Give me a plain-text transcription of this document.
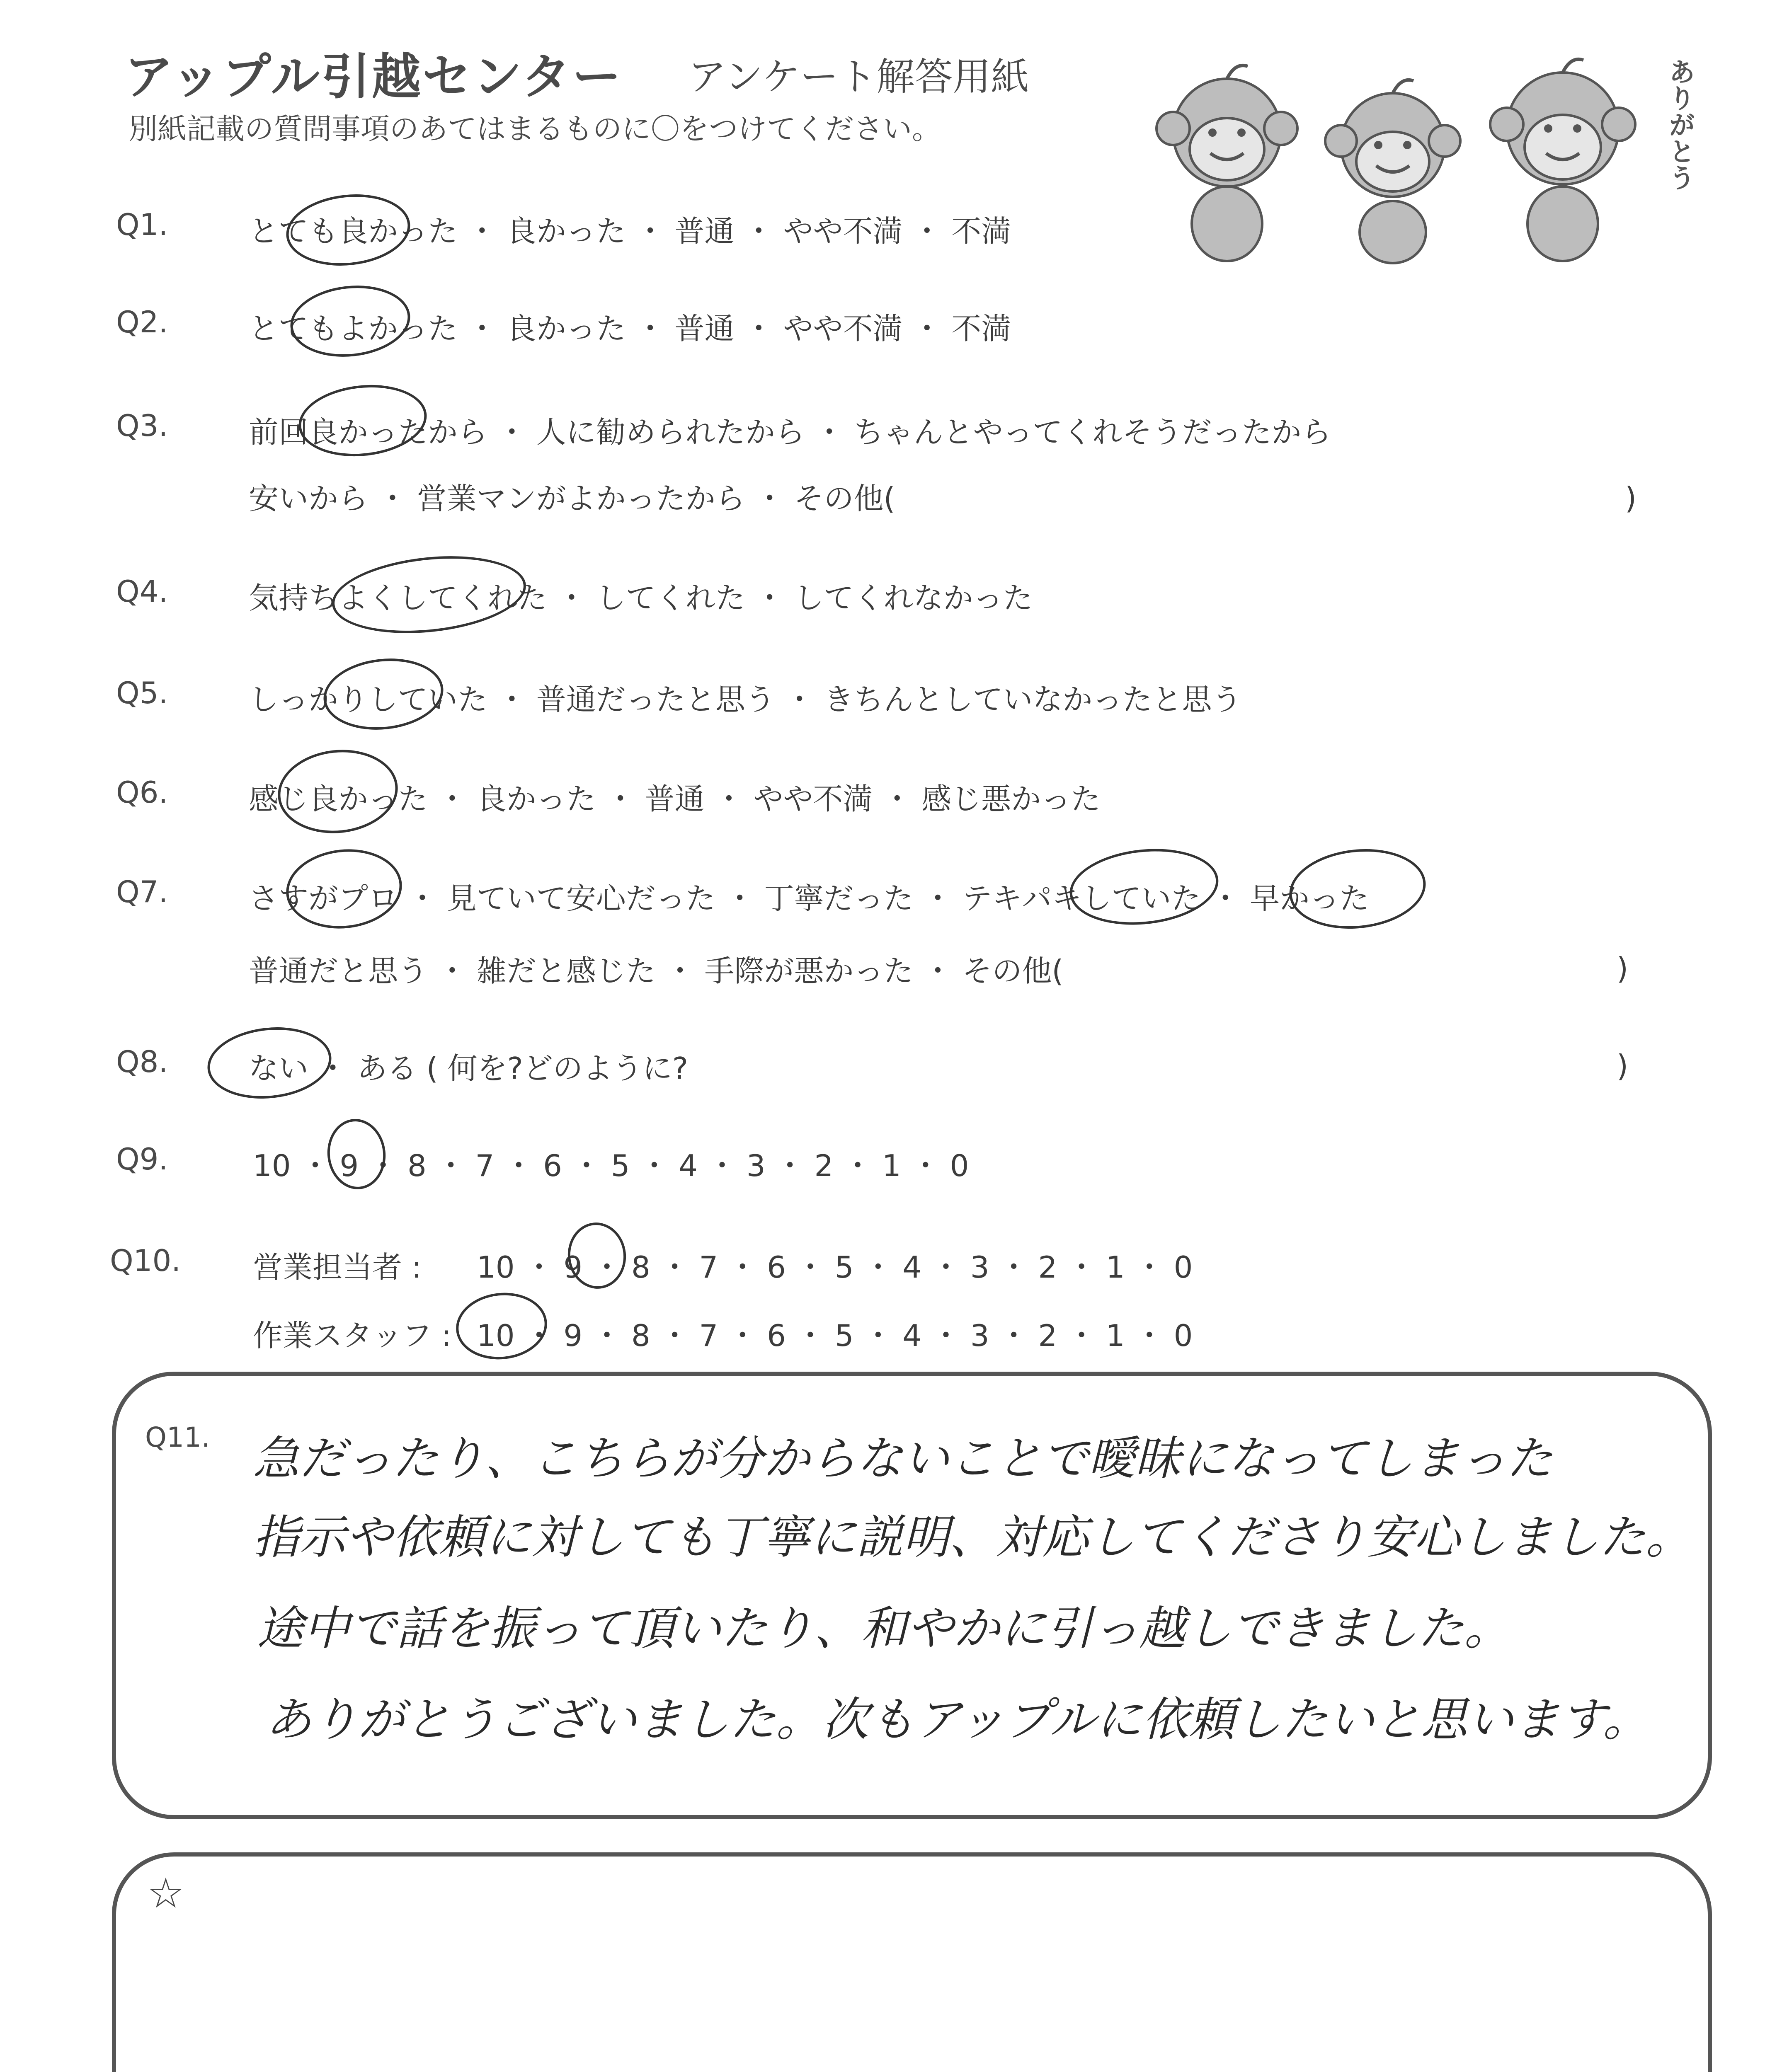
アップル引越センター アンケート解答用紙
別紙記載の質問事項のあてはまるものに〇をつけてください。	ありがとう
Q1.	とても良かった ・ 良かった ・ 普通 ・ やや不満 ・ 不満
Q2.	とてもよかった ・ 良かった ・ 普通 ・ やや不満 ・ 不満
Q3.	前回良かったから ・ 人に勧められたから ・ ちゃんとやってくれそうだったから
安いから ・ 営業マンがよかったから ・ その他(	)
Q4.	気持ちよくしてくれた ・ してくれた ・ してくれなかった
Q5.	しっかりしていた ・ 普通だったと思う ・ きちんとしていなかったと思う
Q6.	感じ良かった ・ 良かった ・ 普通 ・ やや不満 ・ 感じ悪かった
Q7.	さすがプロ ・ 見ていて安心だった ・ 丁寧だった ・ テキパキしていた ・ 早かった
普通だと思う ・ 雑だと感じた ・ 手際が悪かった ・ その他(	)
Q8.	ない ・ ある ( 何を?どのように?	)
Q9.	10 ・ 9 ・ 8 ・ 7 ・ 6 ・ 5 ・ 4 ・ 3 ・ 2 ・ 1 ・ 0
Q10. 営業担当者 : 10 ・ 9 ・ 8 ・ 7 ・ 6 ・ 5 ・ 4 ・ 3 ・ 2 ・ 1 ・ 0
作業スタッフ : 10 ・ 9 ・ 8 ・ 7 ・ 6 ・ 5 ・ 4 ・ 3 ・ 2 ・ 1 ・ 0
Q11. 急だったり、こちらが分からないことで曖昧になってしまった
指示や依頼に対しても丁寧に説明、対応してくださり安心しました。
途中で話を振って頂いたり、和やかに引っ越しできました。
ありがとうございました。次もアップルに依頼したいと思います。
☆
